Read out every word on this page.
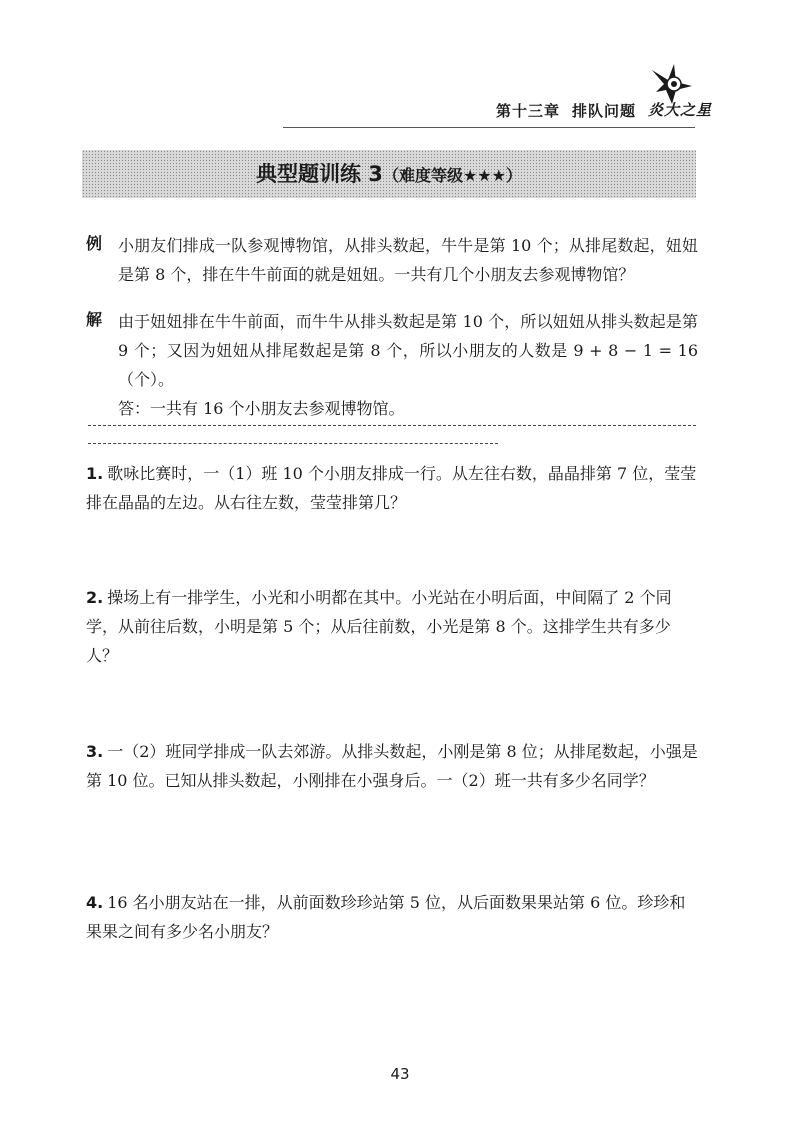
第十三章 排队问题 炎大之星
典型题训练 3（难度等级★★★）
例 小朋友们排成一队参观博物馆，从排头数起，牛牛是第 10 个；从排尾数起，妞妞是第 8 个，排在牛牛前面的就是妞妞。一共有几个小朋友去参观博物馆？
解 由于妞妞排在牛牛前面，而牛牛从排头数起是第 10 个，所以妞妞从排头数起是第 9 个；又因为妞妞从排尾数起是第 8 个，所以小朋友的人数是 9 + 8 − 1 = 16（个）。
答：一共有 16 个小朋友去参观博物馆。
1. 歌咏比赛时，一（1）班 10 个小朋友排成一行。从左往右数，晶晶排第 7 位，莹莹排在晶晶的左边。从右往左数，莹莹排第几？
2. 操场上有一排学生，小光和小明都在其中。小光站在小明后面，中间隔了 2 个同学，从前往后数，小明是第 5 个；从后往前数，小光是第 8 个。这排学生共有多少人？
3. 一（2）班同学排成一队去郊游。从排头数起，小刚是第 8 位；从排尾数起，小强是第 10 位。已知从排头数起，小刚排在小强身后。一（2）班一共有多少名同学？
4. 16 名小朋友站在一排，从前面数珍珍站第 5 位，从后面数果果站第 6 位。珍珍和果果之间有多少名小朋友？
43
